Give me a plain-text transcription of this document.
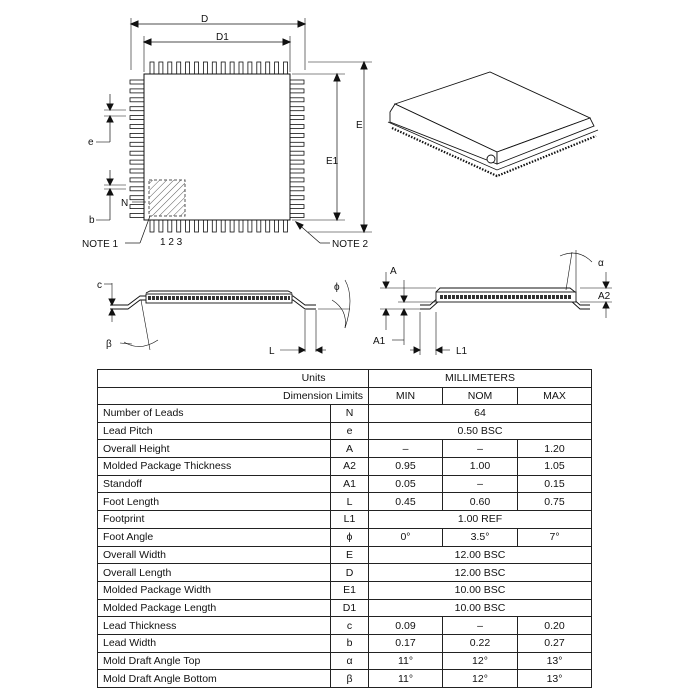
D
D1
E
E1
e
b
N
NOTE 1	1 2 3	NOTE 2
c
β
L
ϕ
A
A1
L1
α
A2
Units		MILLIMETERS		
Dimension Limits		MIN	NOM	MAX
Number of Leads	N	64		
Lead Pitch	e	0.50 BSC		
Overall Height	A	–	–	1.20
Molded Package Thickness	A2	0.95	1.00	1.05
Standoff	A1	0.05	–	0.15
Foot Length	L	0.45	0.60	0.75
Footprint	L1	1.00 REF		
Foot Angle	ϕ	0°	3.5°	7°
Overall Width	E	12.00 BSC		
Overall Length	D	12.00 BSC		
Molded Package Width	E1	10.00 BSC		
Molded Package Length	D1	10.00 BSC		
Lead Thickness	c	0.09	–	0.20
Lead Width	b	0.17	0.22	0.27
Mold Draft Angle Top	α	11°	12°	13°
Mold Draft Angle Bottom	β	11°	12°	13°
